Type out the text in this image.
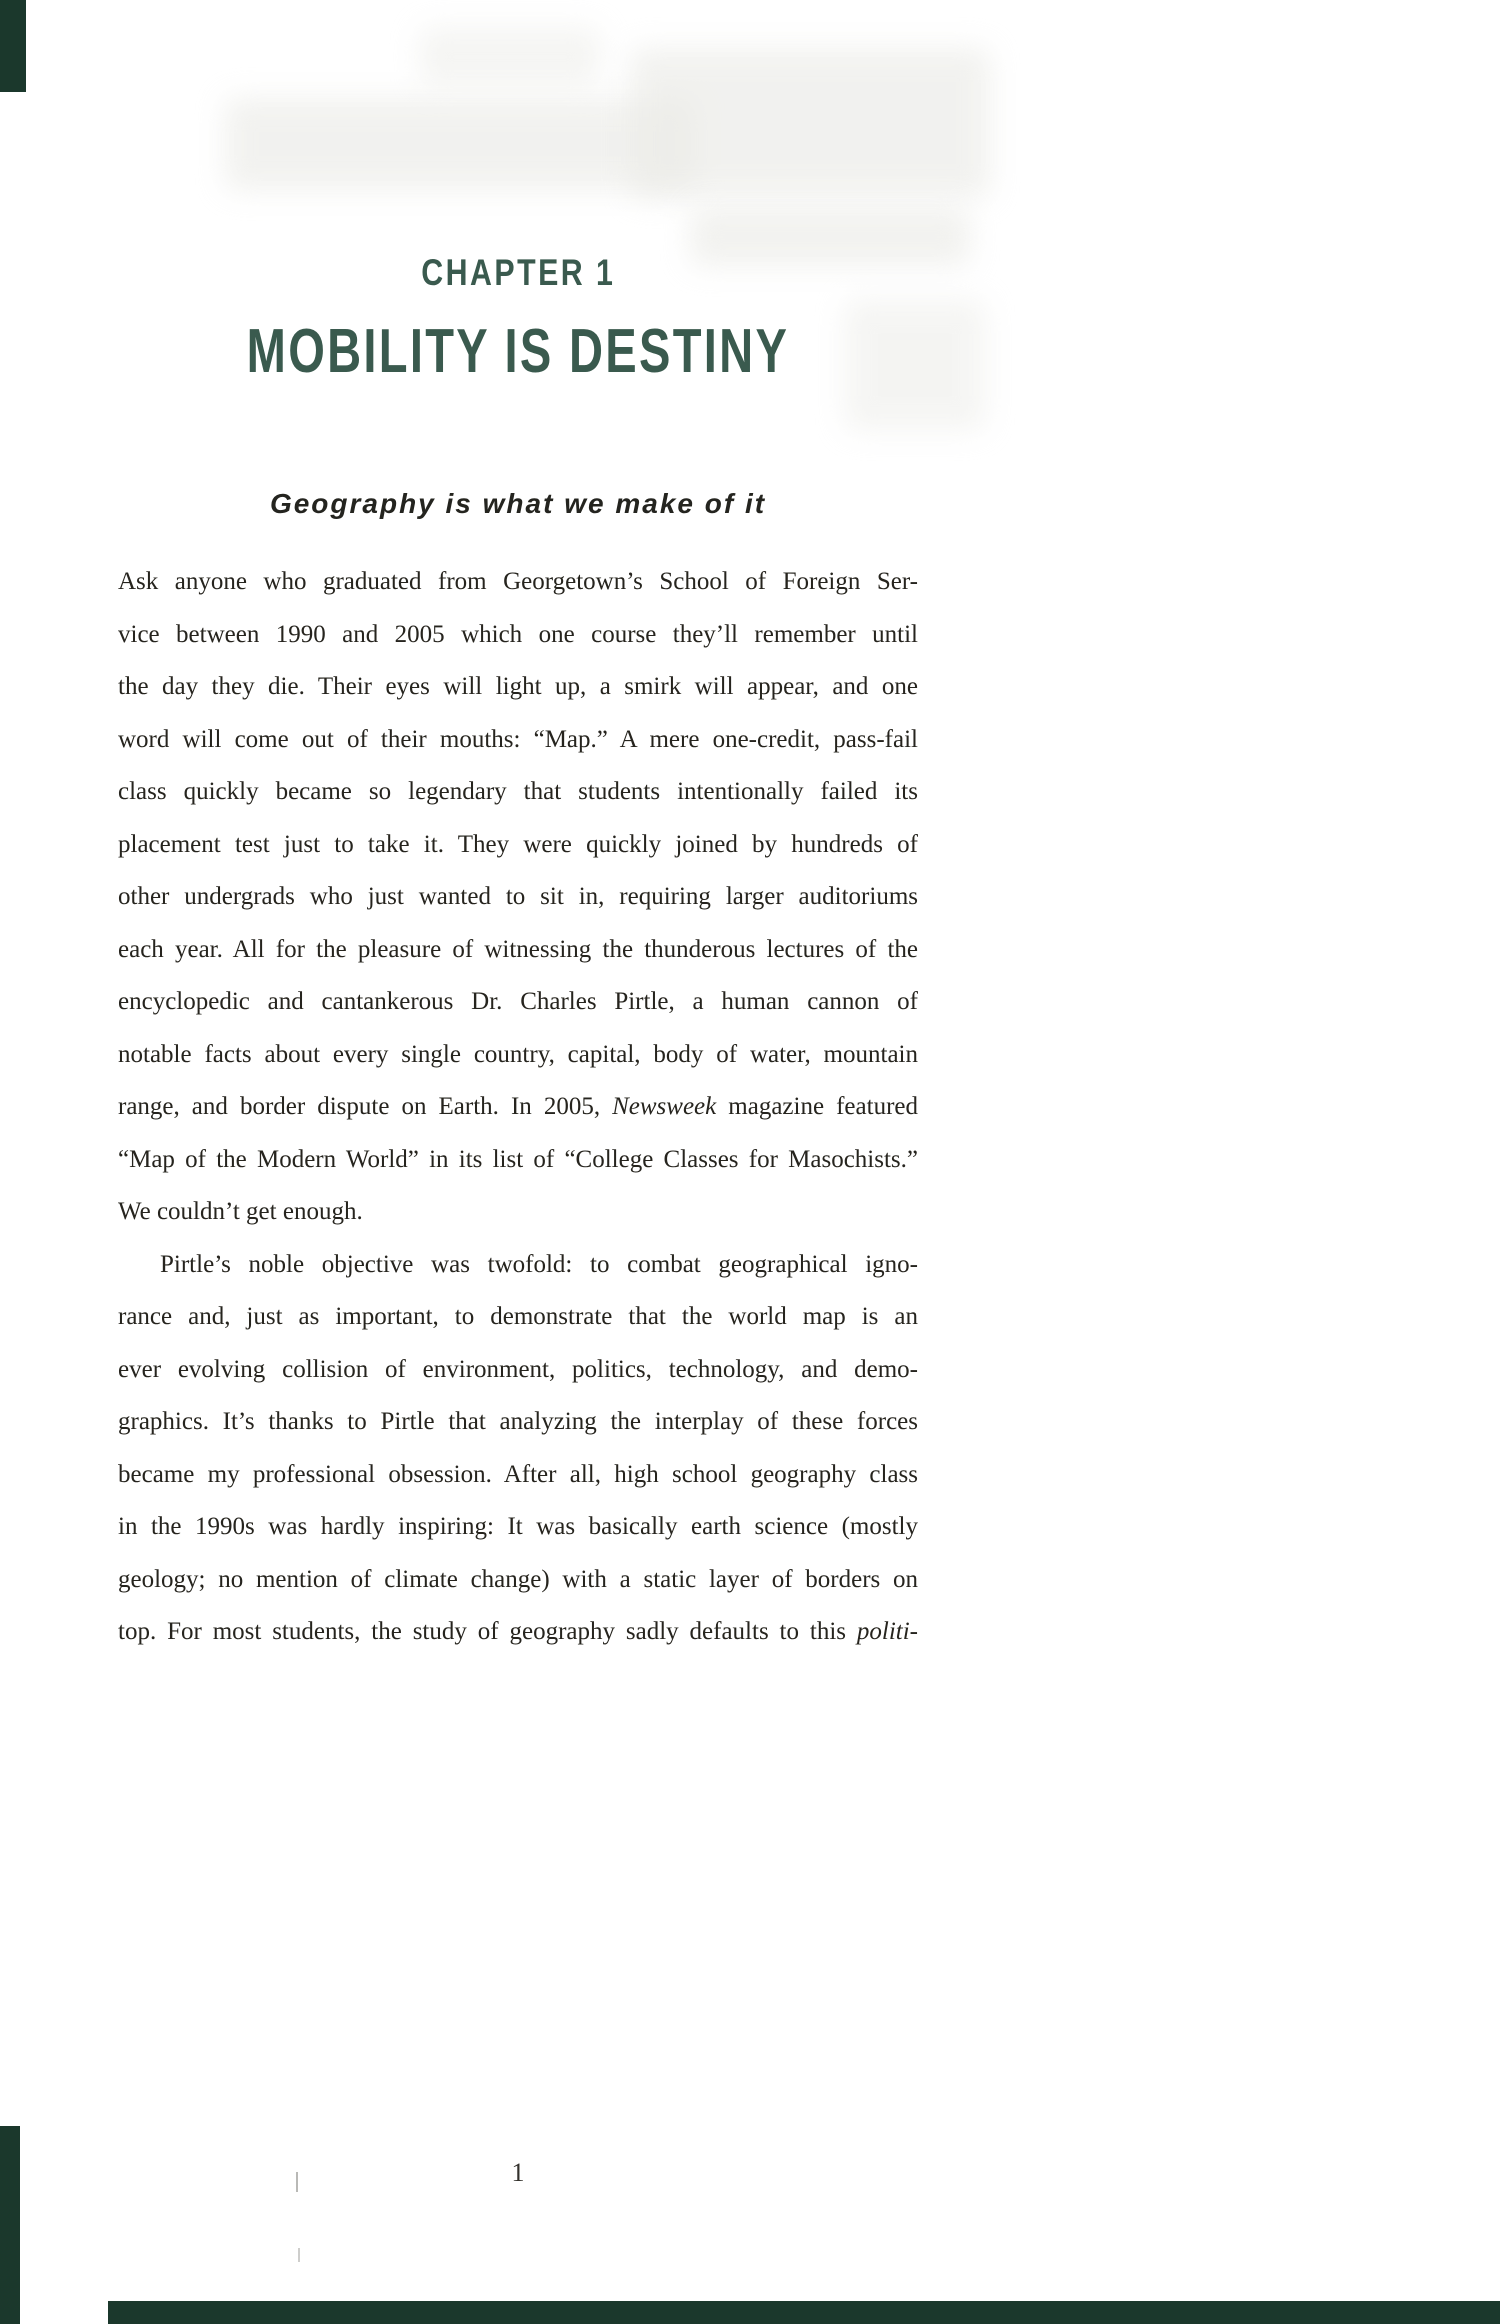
CHAPTER 1
MOBILITY IS DESTINY
Geography is what we make of it
Ask anyone who graduated from Georgetown’s School of Foreign Ser-
vice between 1990 and 2005 which one course they’ll remember until
the day they die. Their eyes will light up, a smirk will appear, and one
word will come out of their mouths: “Map.” A mere one-credit, pass-fail
class quickly became so legendary that students intentionally failed its
placement test just to take it. They were quickly joined by hundreds of
other undergrads who just wanted to sit in, requiring larger auditoriums
each year. All for the pleasure of witnessing the thunderous lectures of the
encyclopedic and cantankerous Dr. Charles Pirtle, a human cannon of
notable facts about every single country, capital, body of water, mountain
range, and border dispute on Earth. In 2005, Newsweek magazine featured
“Map of the Modern World” in its list of “College Classes for Masochists.”
We couldn’t get enough.
Pirtle’s noble objective was twofold: to combat geographical igno-
rance and, just as important, to demonstrate that the world map is an
ever evolving collision of environment, politics, technology, and demo-
graphics. It’s thanks to Pirtle that analyzing the interplay of these forces
became my professional obsession. After all, high school geography class
in the 1990s was hardly inspiring: It was basically earth science (mostly
geology; no mention of climate change) with a static layer of borders on
top. For most students, the study of geography sadly defaults to this politi-
1
